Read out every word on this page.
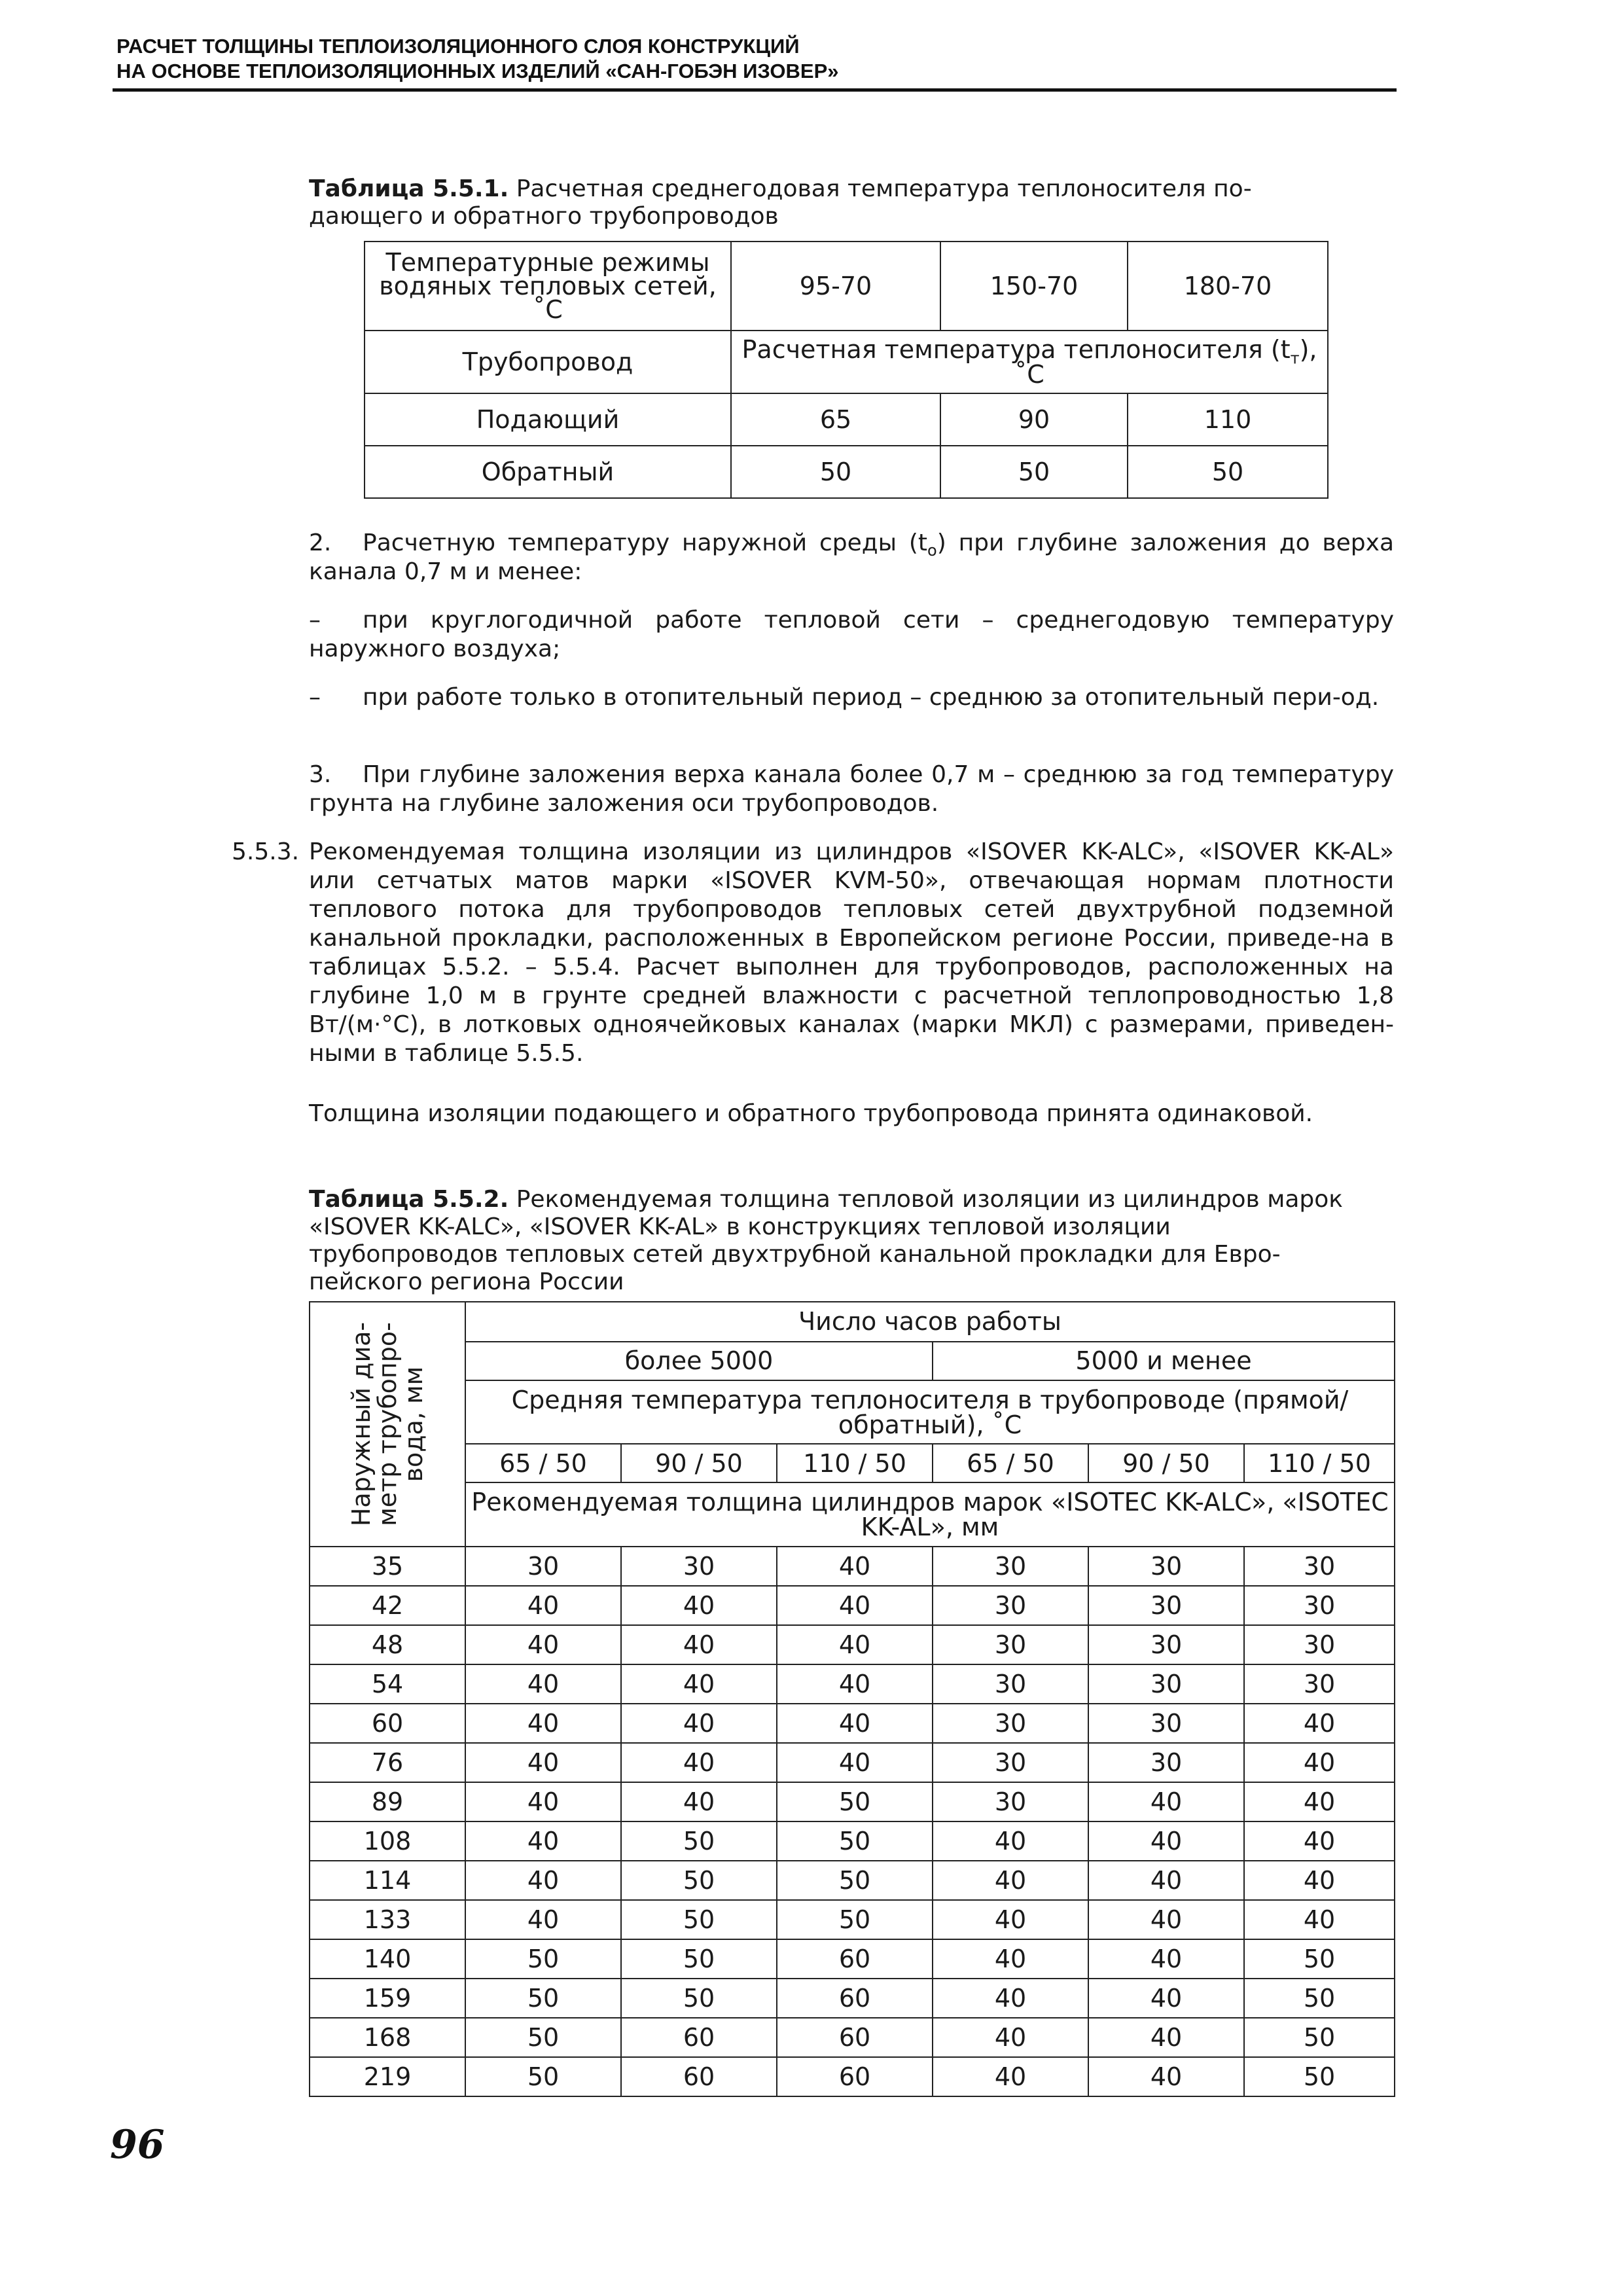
РАСЧЕТ ТОЛЩИНЫ ТЕПЛОИЗОЛЯЦИОННОГО СЛОЯ КОНСТРУКЦИЙ
НА ОСНОВЕ ТЕПЛОИЗОЛЯЦИОННЫХ ИЗДЕЛИЙ «САН-ГОБЭН ИЗОВЕР»
Таблица 5.5.1. Расчетная среднегодовая температура теплоносителя по-дающего и обратного трубопроводов
Температурные режимы водяных тепловых сетей, ˚С	95-70	150-70	180-70
Трубопровод	Расчетная температура теплоносителя $(t_т)$, ˚С		
Подающий	65	90	110
Обратный	50	50	50
2. Расчетную температуру наружной среды $(t_о)$ при глубине заложения до верха канала 0,7 м и менее:
– при круглогодичной работе тепловой сети – среднегодовую температуру наружного воздуха;
– при работе только в отопительный период – среднюю за отопительный пери-од.
3. При глубине заложения верха канала более 0,7 м – среднюю за год температуру грунта на глубине заложения оси трубопроводов.
5.5.3. Рекомендуемая толщина изоляции из цилиндров «ISOVER KK-ALC», «ISOVER KK-AL» или сетчатых матов марки «ISOVER KVM-50», отвечающая нормам плотности теплового потока для трубопроводов тепловых сетей двухтрубной подземной канальной прокладки, расположенных в Европейском регионе России, приведе-на в таблицах 5.5.2. – 5.5.4. Расчет выполнен для трубопроводов, расположенных на глубине 1,0 м в грунте средней влажности с расчетной теплопроводностью 1,8 Вт/(м·°С), в лотковых одноячейковых каналах (марки МКЛ) с размерами, приведен-ными в таблице 5.5.5.
Толщина изоляции подающего и обратного трубопровода принята одинаковой.
Таблица 5.5.2. Рекомендуемая толщина тепловой изоляции из цилиндров марок «ISOVER KK-ALC», «ISOVER KK-AL» в конструкциях тепловой изоляции трубопроводов тепловых сетей двухтрубной канальной прокладки для Евро-пейского региона России
Наружный диа-метр трубопро-вода, мм	Число часов работы					
	более 5000			5000 и менее		
	Средняя температура теплоносителя в трубопроводе (прямой/обратный), ˚С					
	65 / 50	90 / 50	110 / 50	65 / 50	90 / 50	110 / 50
	Рекомендуемая толщина цилиндров марок «ISOTEC KK-ALC», «ISOTEC KK-AL», мм					
35	30	30	40	30	30	30
42	40	40	40	30	30	30
48	40	40	40	30	30	30
54	40	40	40	30	30	30
60	40	40	40	30	30	40
76	40	40	40	30	30	40
89	40	40	50	30	40	40
108	40	50	50	40	40	40
114	40	50	50	40	40	40
133	40	50	50	40	40	40
140	50	50	60	40	40	50
159	50	50	60	40	40	50
168	50	60	60	40	40	50
219	50	60	60	40	40	50
96
